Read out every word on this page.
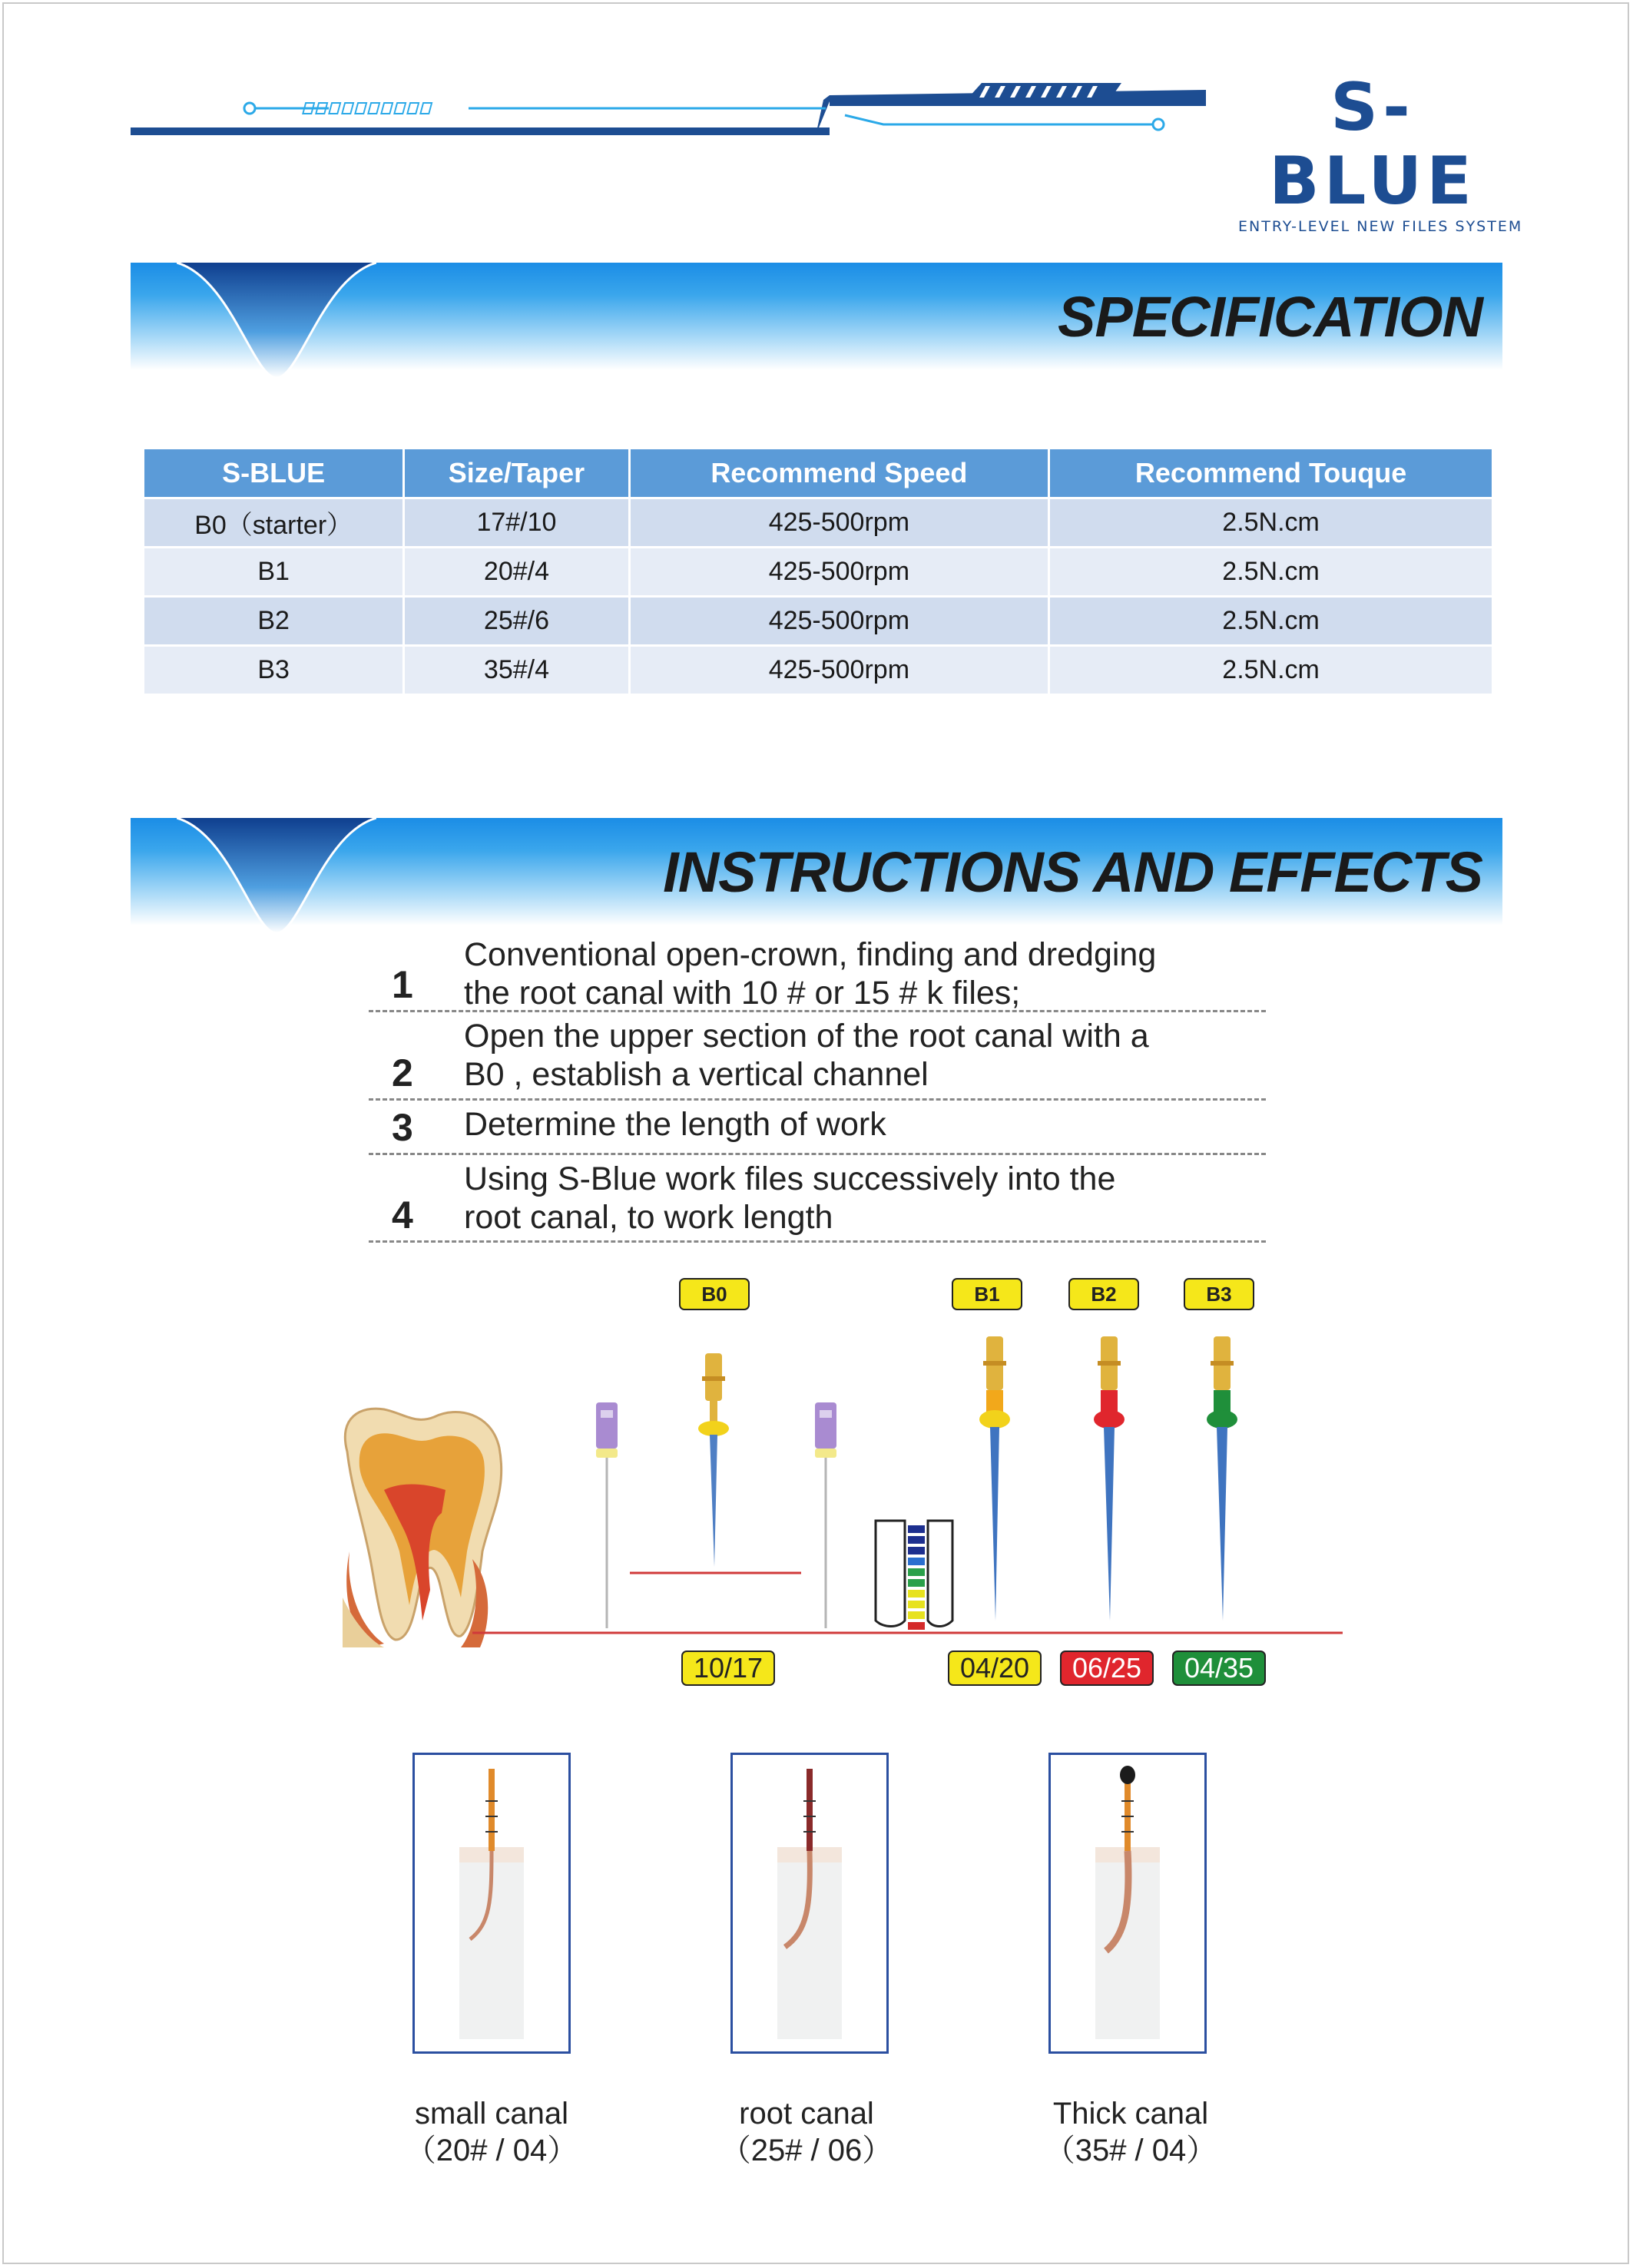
S-BLUE
ENTRY-LEVEL NEW FILES SYSTEM
SPECIFICATION
S-BLUE	Size/Taper	Recommend Speed	Recommend Touque
B0（starter）	17#/10	425-500rpm	2.5N.cm
B1	20#/4	425-500rpm	2.5N.cm
B2	25#/6	425-500rpm	2.5N.cm
B3	35#/4	425-500rpm	2.5N.cm
INSTRUCTIONS AND EFFECTS
1
Conventional open-crown, finding and dredging
the root canal with 10 # or 15 # k files;
2
Open the upper section of the root canal with a
B0 , establish a vertical channel
3 Determine the length of work
4
Using S-Blue work files successively into the
root canal, to work length
B0	B1	B2	B3
10/17	04/20 06/25 04/35
small canal
（20# / 04）
root canal
（25# / 06）
Thick canal
（35# / 04）
